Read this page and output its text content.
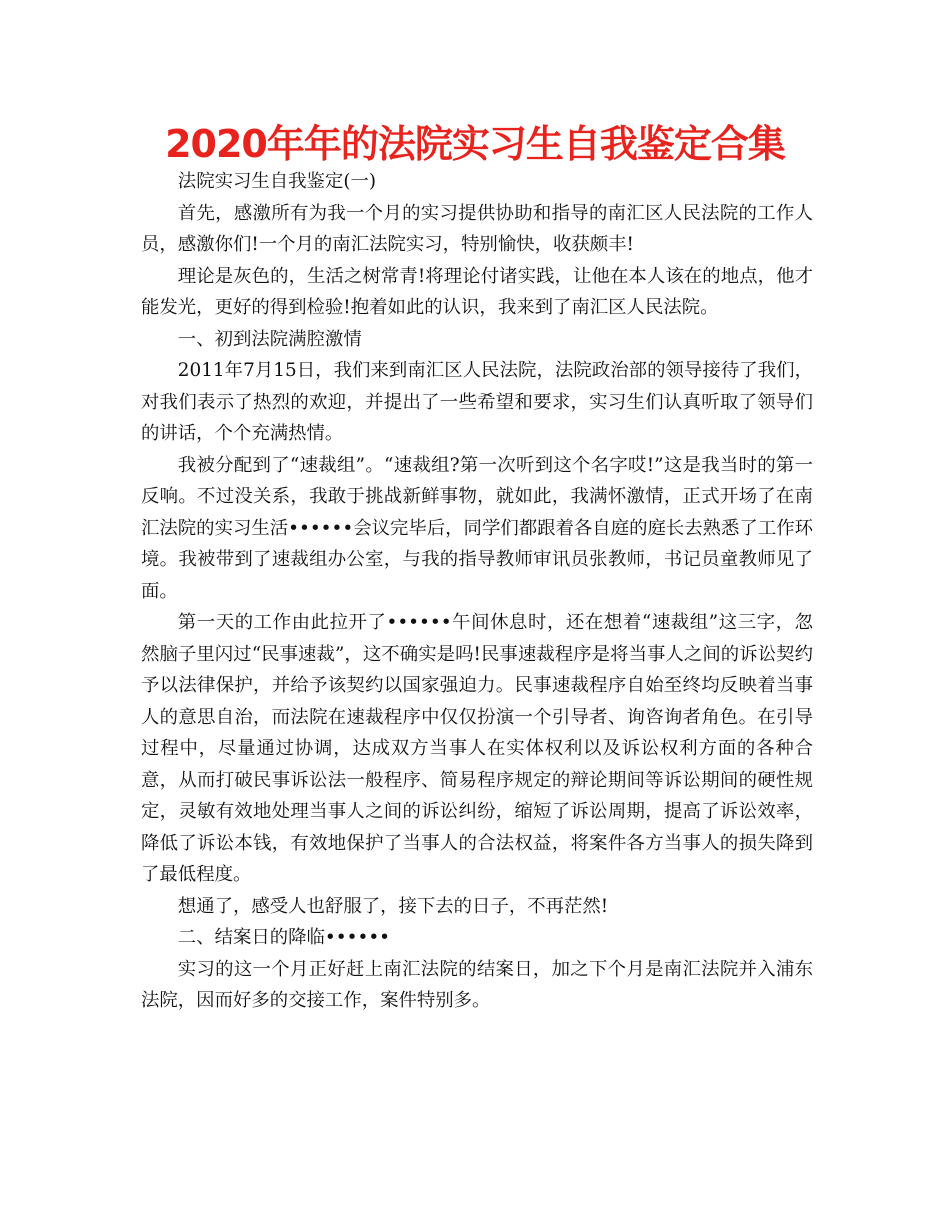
2020年年的法院实习生自我鉴定合集

法院实习生自我鉴定(一)

首先，感激所有为我一个月的实习提供协助和指导的南汇区人民法院的工作人员，感激你们!一个月的南汇法院实习，特别愉快，收获颇丰!

理论是灰色的，生活之树常青!将理论付诸实践，让他在本人该在的地点，他才能发光，更好的得到检验!抱着如此的认识，我来到了南汇区人民法院。

一、初到法院满腔激情

2011年7月15日，我们来到南汇区人民法院，法院政治部的领导接待了我们，对我们表示了热烈的欢迎，并提出了一些希望和要求，实习生们认真听取了领导们的讲话，个个充满热情。

我被分配到了“速裁组”。“速裁组?第一次听到这个名字哎!”这是我当时的第一反响。不过没关系，我敢于挑战新鲜事物，就如此，我满怀激情，正式开场了在南汇法院的实习生活••••••会议完毕后，同学们都跟着各自庭的庭长去熟悉了工作环境。我被带到了速裁组办公室，与我的指导教师审讯员张教师，书记员童教师见了面。

第一天的工作由此拉开了••••••午间休息时，还在想着“速裁组”这三字，忽然脑子里闪过“民事速裁”，这不确实是吗!民事速裁程序是将当事人之间的诉讼契约予以法律保护，并给予该契约以国家强迫力。民事速裁程序自始至终均反映着当事人的意思自治，而法院在速裁程序中仅仅扮演一个引导者、询咨询者角色。在引导过程中，尽量通过协调，达成双方当事人在实体权利以及诉讼权利方面的各种合意，从而打破民事诉讼法一般程序、简易程序规定的辩论期间等诉讼期间的硬性规定，灵敏有效地处理当事人之间的诉讼纠纷，缩短了诉讼周期，提高了诉讼效率，降低了诉讼本钱，有效地保护了当事人的合法权益，将案件各方当事人的损失降到了最低程度。

想通了，感受人也舒服了，接下去的日子，不再茫然!

二、结案日的降临••••••

实习的这一个月正好赶上南汇法院的结案日，加之下个月是南汇法院并入浦东法院，因而好多的交接工作，案件特别多。
